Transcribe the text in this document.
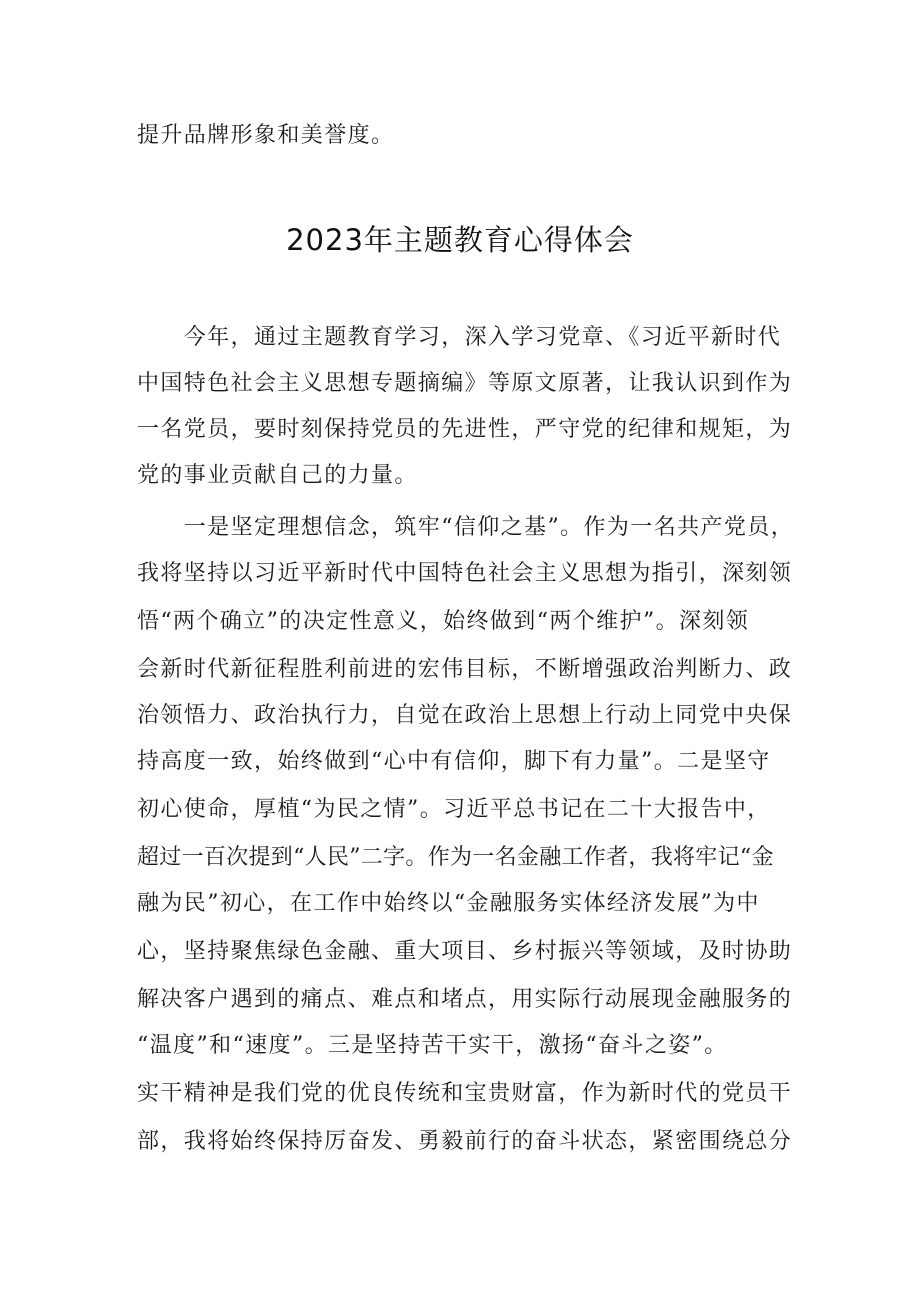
提升品牌形象和美誉度。
2023年主题教育心得体会
　　今年，通过主题教育学习，深入学习党章、《习近平新时代
中国特色社会主义思想专题摘编》等原文原著，让我认识到作为
一名党员，要时刻保持党员的先进性，严守党的纪律和规矩，为
党的事业贡献自己的力量。
　　一是坚定理想信念，筑牢“信仰之基”。作为一名共产党员，
我将坚持以习近平新时代中国特色社会主义思想为指引，深刻领
悟“两个确立”的决定性意义，始终做到“两个维护”。深刻领
会新时代新征程胜利前进的宏伟目标，不断增强政治判断力、政
治领悟力、政治执行力，自觉在政治上思想上行动上同党中央保
持高度一致，始终做到“心中有信仰，脚下有力量”。二是坚守
初心使命，厚植“为民之情”。习近平总书记在二十大报告中，
超过一百次提到“人民”二字。作为一名金融工作者，我将牢记“金
融为民”初心，在工作中始终以“金融服务实体经济发展”为中
心，坚持聚焦绿色金融、重大项目、乡村振兴等领域，及时协助
解决客户遇到的痛点、难点和堵点，用实际行动展现金融服务的
“温度”和“速度”。三是坚持苦干实干，激扬“奋斗之姿”。
实干精神是我们党的优良传统和宝贵财富，作为新时代的党员干
部，我将始终保持厉奋发、勇毅前行的奋斗状态，紧密围绕总分
